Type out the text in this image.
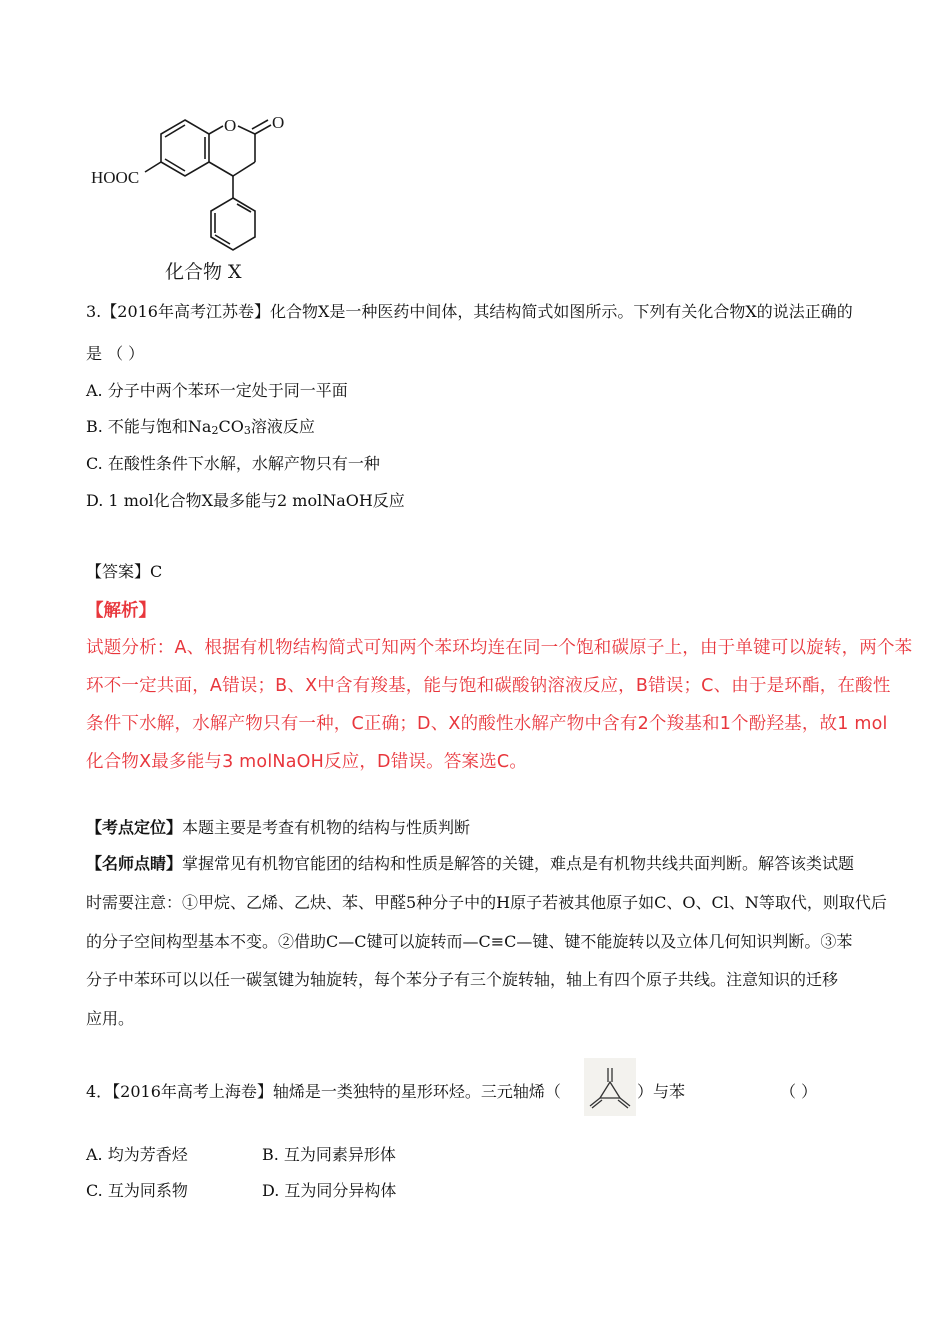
HOOC
O O
化合物 X
3.【2016年高考江苏卷】化合物X是一种医药中间体，其结构简式如图所示。下列有关化合物X的说法正确的
是 （ ）
A. 分子中两个苯环一定处于同一平面
B. 不能与饱和$Na_2CO_3$溶液反应
C. 在酸性条件下水解，水解产物只有一种
D. 1 mol化合物X最多能与2 molNaOH反应
【答案】C
【解析】
试题分析：A、根据有机物结构简式可知两个苯环均连在同一个饱和碳原子上，由于单键可以旋转，两个苯
环不一定共面，A错误；B、X中含有羧基，能与饱和碳酸钠溶液反应，B错误；C、由于是环酯，在酸性
条件下水解，水解产物只有一种，C正确；D、X的酸性水解产物中含有2个羧基和1个酚羟基，故1 mol
化合物X最多能与3 molNaOH反应，D错误。答案选C。
【考点定位】本题主要是考查有机物的结构与性质判断
【名师点睛】掌握常见有机物官能团的结构和性质是解答的关键，难点是有机物共线共面判断。解答该类试题
时需要注意：①甲烷、乙烯、乙炔、苯、甲醛5种分子中的H原子若被其他原子如C、O、Cl、N等取代，则取代后
的分子空间构型基本不变。②借助C—C键可以旋转而—C≡C—键、键不能旋转以及立体几何知识判断。③苯
分子中苯环可以以任一碳氢键为轴旋转，每个苯分子有三个旋转轴，轴上有四个原子共线。注意知识的迁移
应用。
4．【2016年高考上海卷】轴烯是一类独特的星形环烃。三元轴烯（	）与苯	（ ）
A. 均为芳香烃	B. 互为同素异形体
C. 互为同系物	D. 互为同分异构体
